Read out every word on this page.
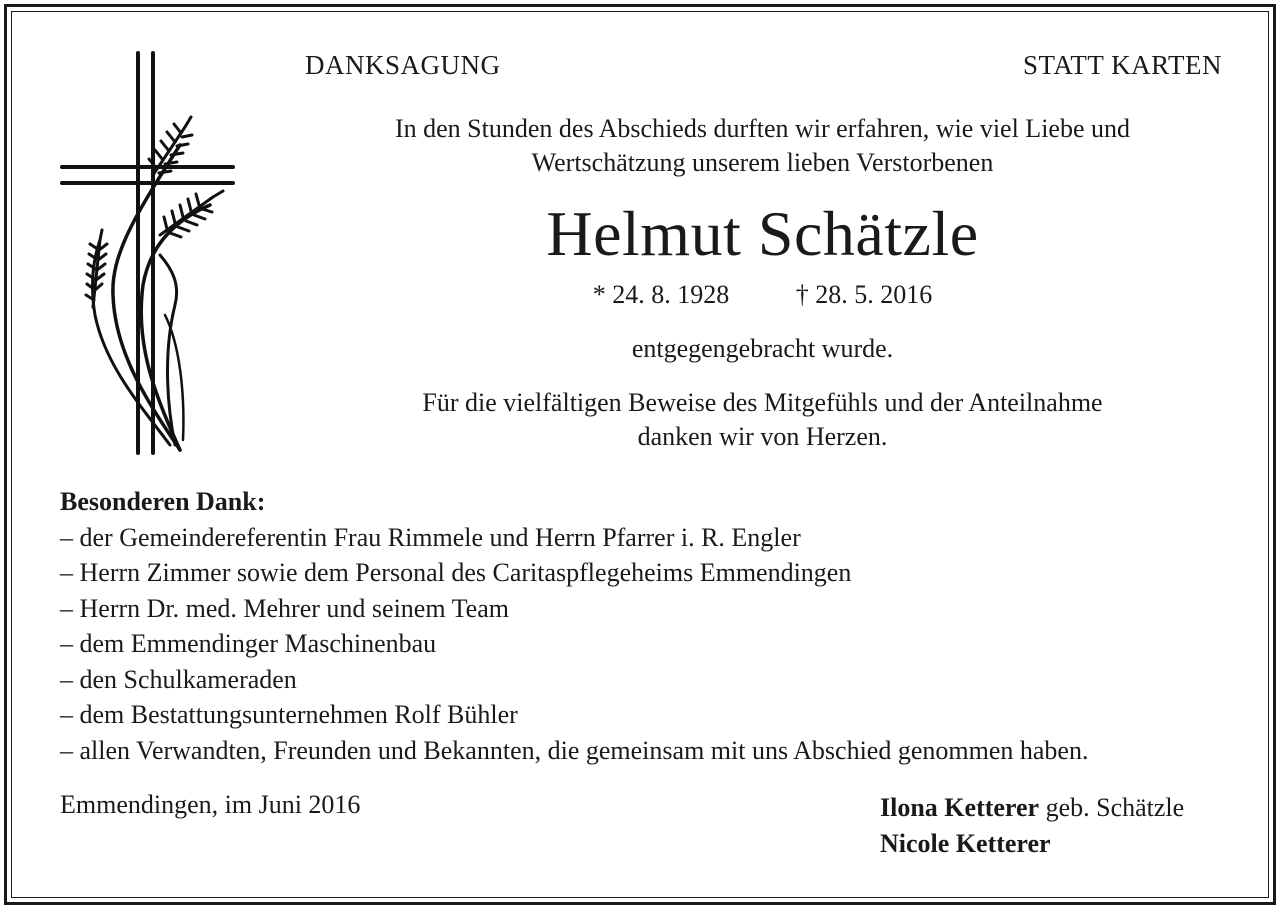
DANKSAGUNG	STATT KARTEN
In den Stunden des Abschieds durften wir erfahren, wie viel Liebe und
Wertschätzung unserem lieben Verstorbenen
Helmut Schätzle
* 24. 8. 1928	† 28. 5. 2016
entgegengebracht wurde.
Für die vielfältigen Beweise des Mitgefühls und der Anteilnahme
danken wir von Herzen.
Besonderen Dank:
– der Gemeindereferentin Frau Rimmele und Herrn Pfarrer i. R. Engler
– Herrn Zimmer sowie dem Personal des Caritaspflegeheims Emmendingen
– Herrn Dr. med. Mehrer und seinem Team
– dem Emmendinger Maschinenbau
– den Schulkameraden
– dem Bestattungsunternehmen Rolf Bühler
– allen Verwandten, Freunden und Bekannten, die gemeinsam mit uns Abschied genommen haben.
Emmendingen, im Juni 2016	Ilona Ketterer geb. Schätzle
Nicole Ketterer
